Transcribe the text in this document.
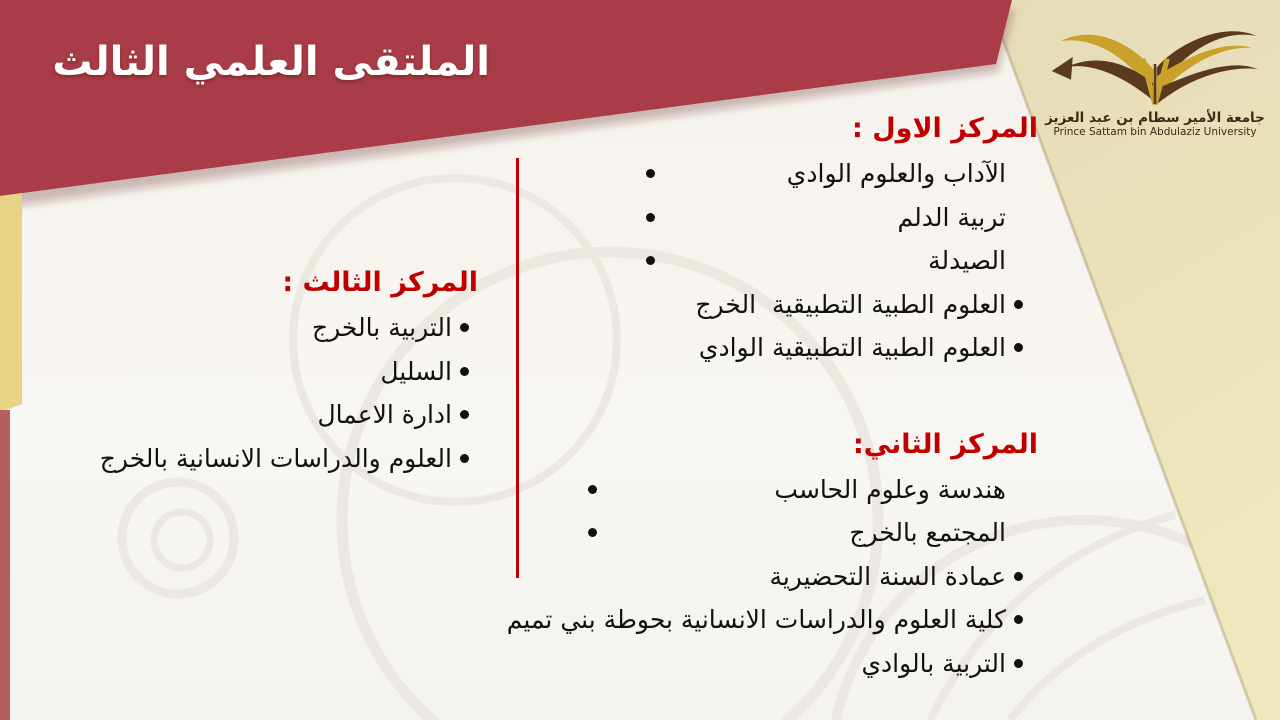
الملتقى العلمي الثالث
جامعة الأمير سطام بن عبد العزيز
Prince Sattam bin Abdulaziz University
المركز الاول :
الآداب والعلوم الوادي
تربية الدلم
الصيدلة
العلوم الطبية التطبيقية  الخرج
العلوم الطبية التطبيقية الوادي
المركز الثاني:
هندسة وعلوم الحاسب
المجتمع بالخرج
عمادة السنة التحضيرية
كلية العلوم والدراسات الانسانية بحوطة بني تميم
التربية بالوادي
المركز الثالث :
التربية بالخرج
السليل
ادارة الاعمال
العلوم والدراسات الانسانية بالخرج
